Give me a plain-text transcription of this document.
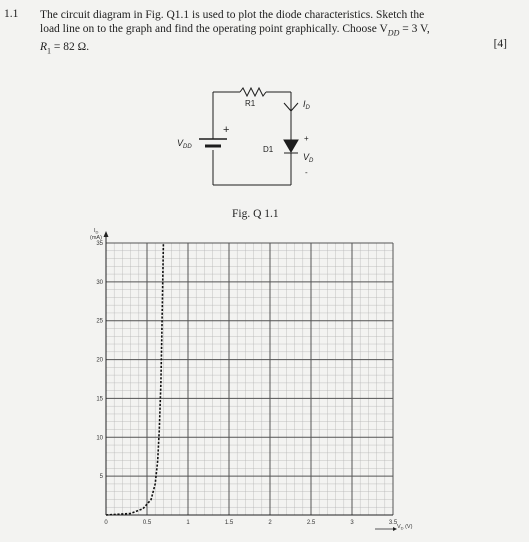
1.1 The circuit diagram in Fig. Q1.1 is used to plot the diode characteristics. Sketch the
load line on to the graph and find the operating point graphically. Choose $V_{DD} = 3$ V,
$R_1 = 82$ Ω.	[4]
R1
D1
+
$V_{DD}$
$I_D$
+
$V_D$
-
0	0.5	1	1.5	2	2.5	3	3.5
5
10
15
20
25
30
35
$I_D$
(mA)
$V_D$ (V)
Fig. Q 1.1
